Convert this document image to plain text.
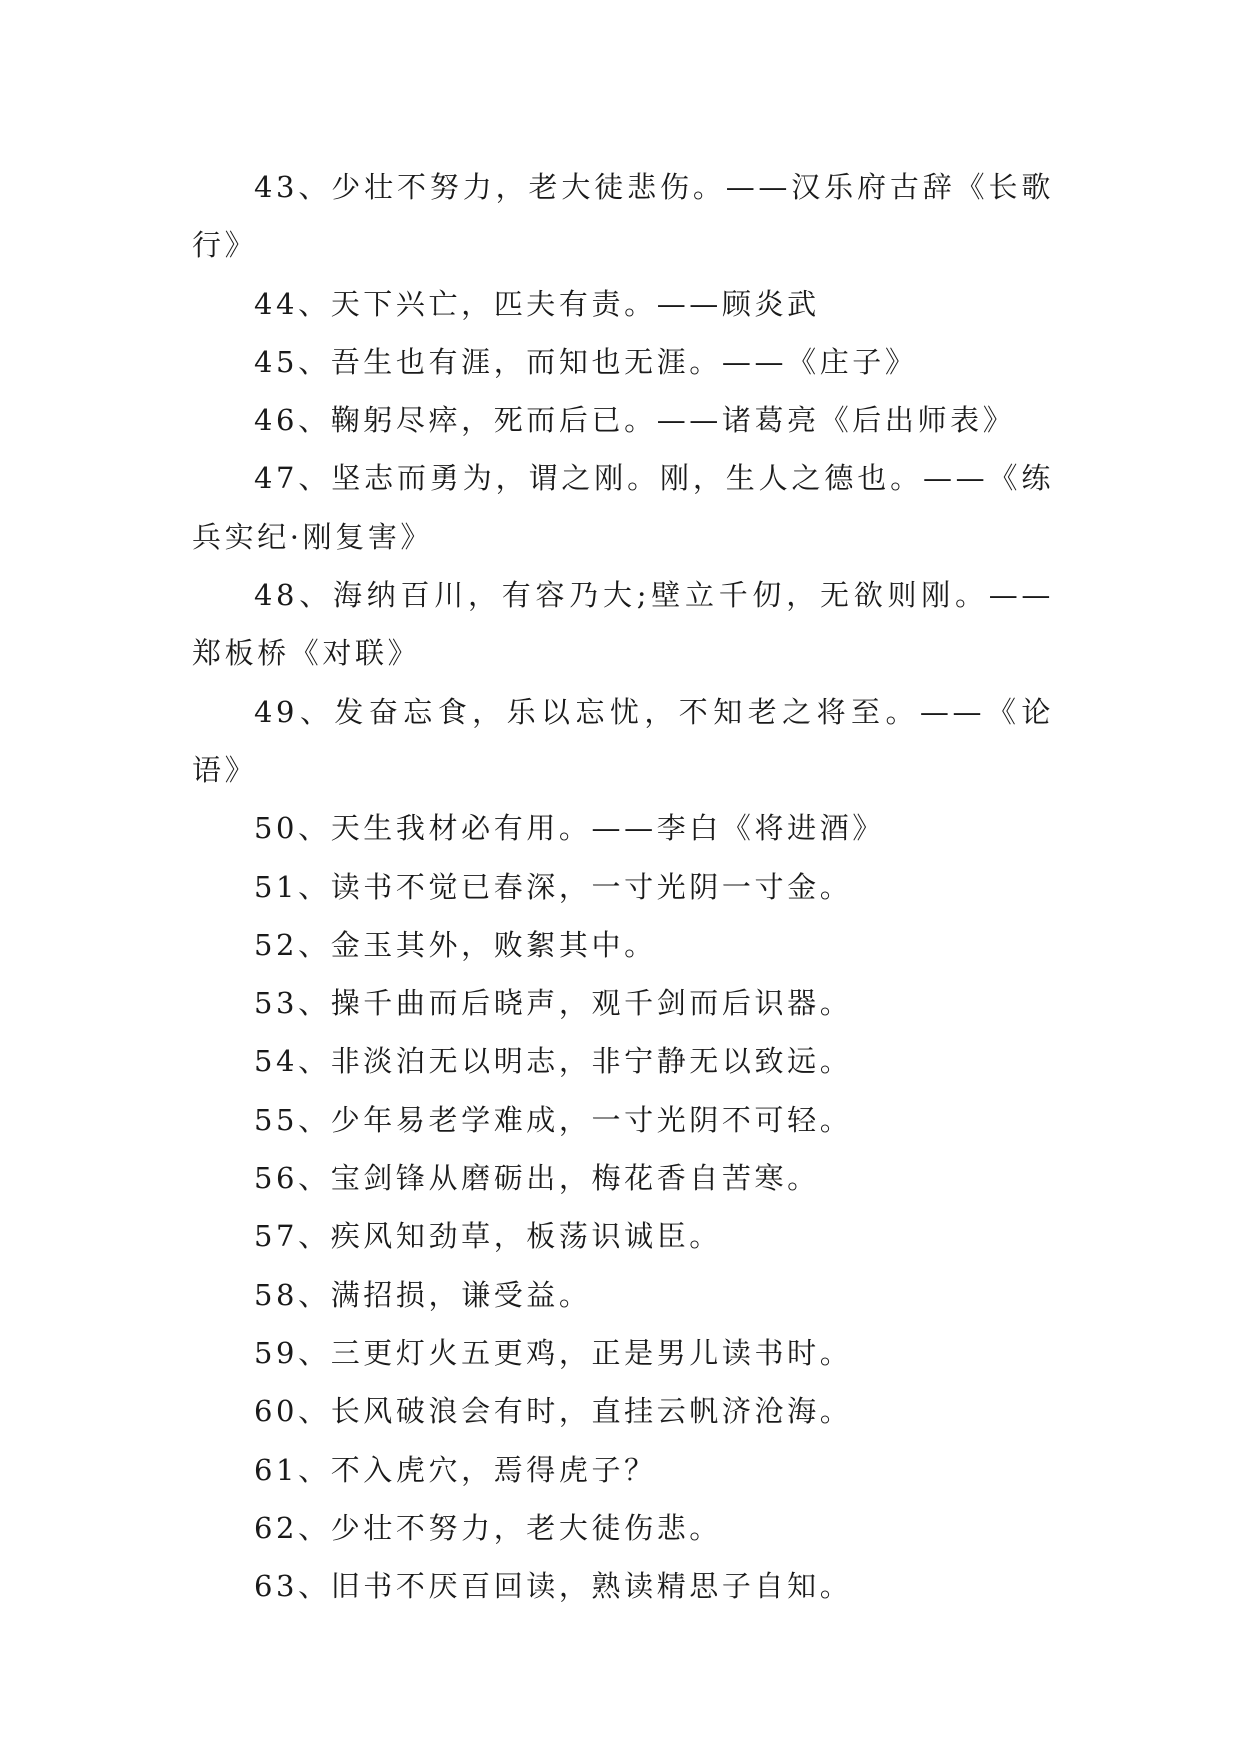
43、少壮不努力，老大徒悲伤。——汉乐府古辞《长歌行》

44、天下兴亡，匹夫有责。——顾炎武

45、吾生也有涯，而知也无涯。——《庄子》

46、鞠躬尽瘁，死而后已。——诸葛亮《后出师表》

47、坚志而勇为，谓之刚。刚，生人之德也。——《练兵实纪·刚复害》

48、海纳百川，有容乃大;壁立千仞，无欲则刚。——郑板桥《对联》

49、发奋忘食，乐以忘忧，不知老之将至。——《论语》

50、天生我材必有用。——李白《将进酒》

51、读书不觉已春深，一寸光阴一寸金。

52、金玉其外，败絮其中。

53、操千曲而后晓声，观千剑而后识器。

54、非淡泊无以明志，非宁静无以致远。

55、少年易老学难成，一寸光阴不可轻。

56、宝剑锋从磨砺出，梅花香自苦寒。

57、疾风知劲草，板荡识诚臣。

58、满招损，谦受益。

59、三更灯火五更鸡，正是男儿读书时。

60、长风破浪会有时，直挂云帆济沧海。

61、不入虎穴，焉得虎子？

62、少壮不努力，老大徒伤悲。

63、旧书不厌百回读，熟读精思子自知。
